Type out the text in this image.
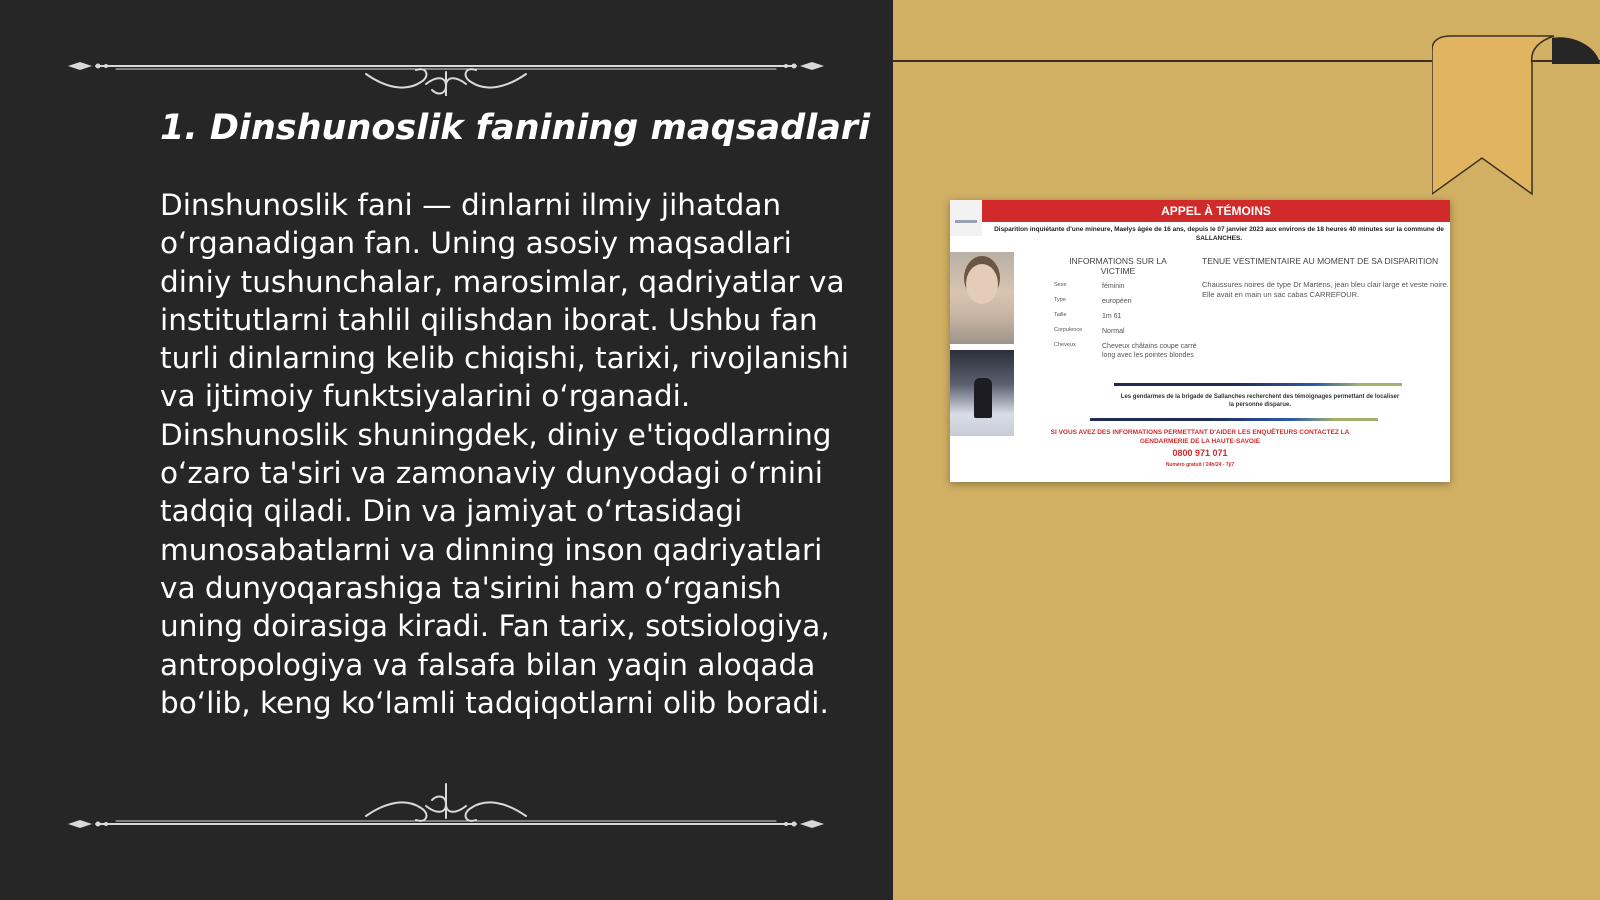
1. Dinshunoslik fanining maqsadlari

Dinshunoslik fani — dinlarni ilmiy jihatdan oʻrganadigan fan. Uning asosiy maqsadlari diniy tushunchalar, marosimlar, qadriyatlar va institutlarni tahlil qilishdan iborat. Ushbu fan turli dinlarning kelib chiqishi, tarixi, rivojlanishi va ijtimoiy funktsiyalarini oʻrganadi. Dinshunoslik shuningdek, diniy e'tiqodlarning oʻzaro ta'siri va zamonaviy dunyodagi oʻrnini tadqiq qiladi. Din va jamiyat oʻrtasidagi munosabatlarni va dinning inson qadriyatlari va dunyoqarashiga ta'sirini ham oʻrganish uning doirasiga kiradi. Fan tarix, sotsiologiya, antropologiya va falsafa bilan yaqin aloqada boʻlib, keng koʻlamli tadqiqotlarni olib boradi.

APPEL À TÉMOINS
Disparition inquiétante d'une mineure, Maelys âgée de 16 ans, depuis le 07 janvier 2023 aux environs de 18 heures 40 minutes sur la commune de SALLANCHES.
INFORMATIONS SUR LA VICTIME
TENUE VESTIMENTAIRE AU MOMENT DE SA DISPARITION
Chaussures noires de type Dr Martens, jean bleu clair large et veste noire. Elle avait en main un sac cabas CARREFOUR.
Sexe	féminin
Type	européen
Taille	1m 61
Corpulence	Normal
Cheveux	Cheveux châtains coupe carré long avec les pointes blondes
Les gendarmes de la brigade de Sallanches recherchent des témoignages permettant de localiser la personne disparue.
SI VOUS AVEZ DES INFORMATIONS PERMETTANT D'AIDER LES ENQUÊTEURS CONTACTEZ LA GENDARMERIE DE LA HAUTE-SAVOIE
0800 971 071
Numéro gratuit / 24h/24 - 7j/7
